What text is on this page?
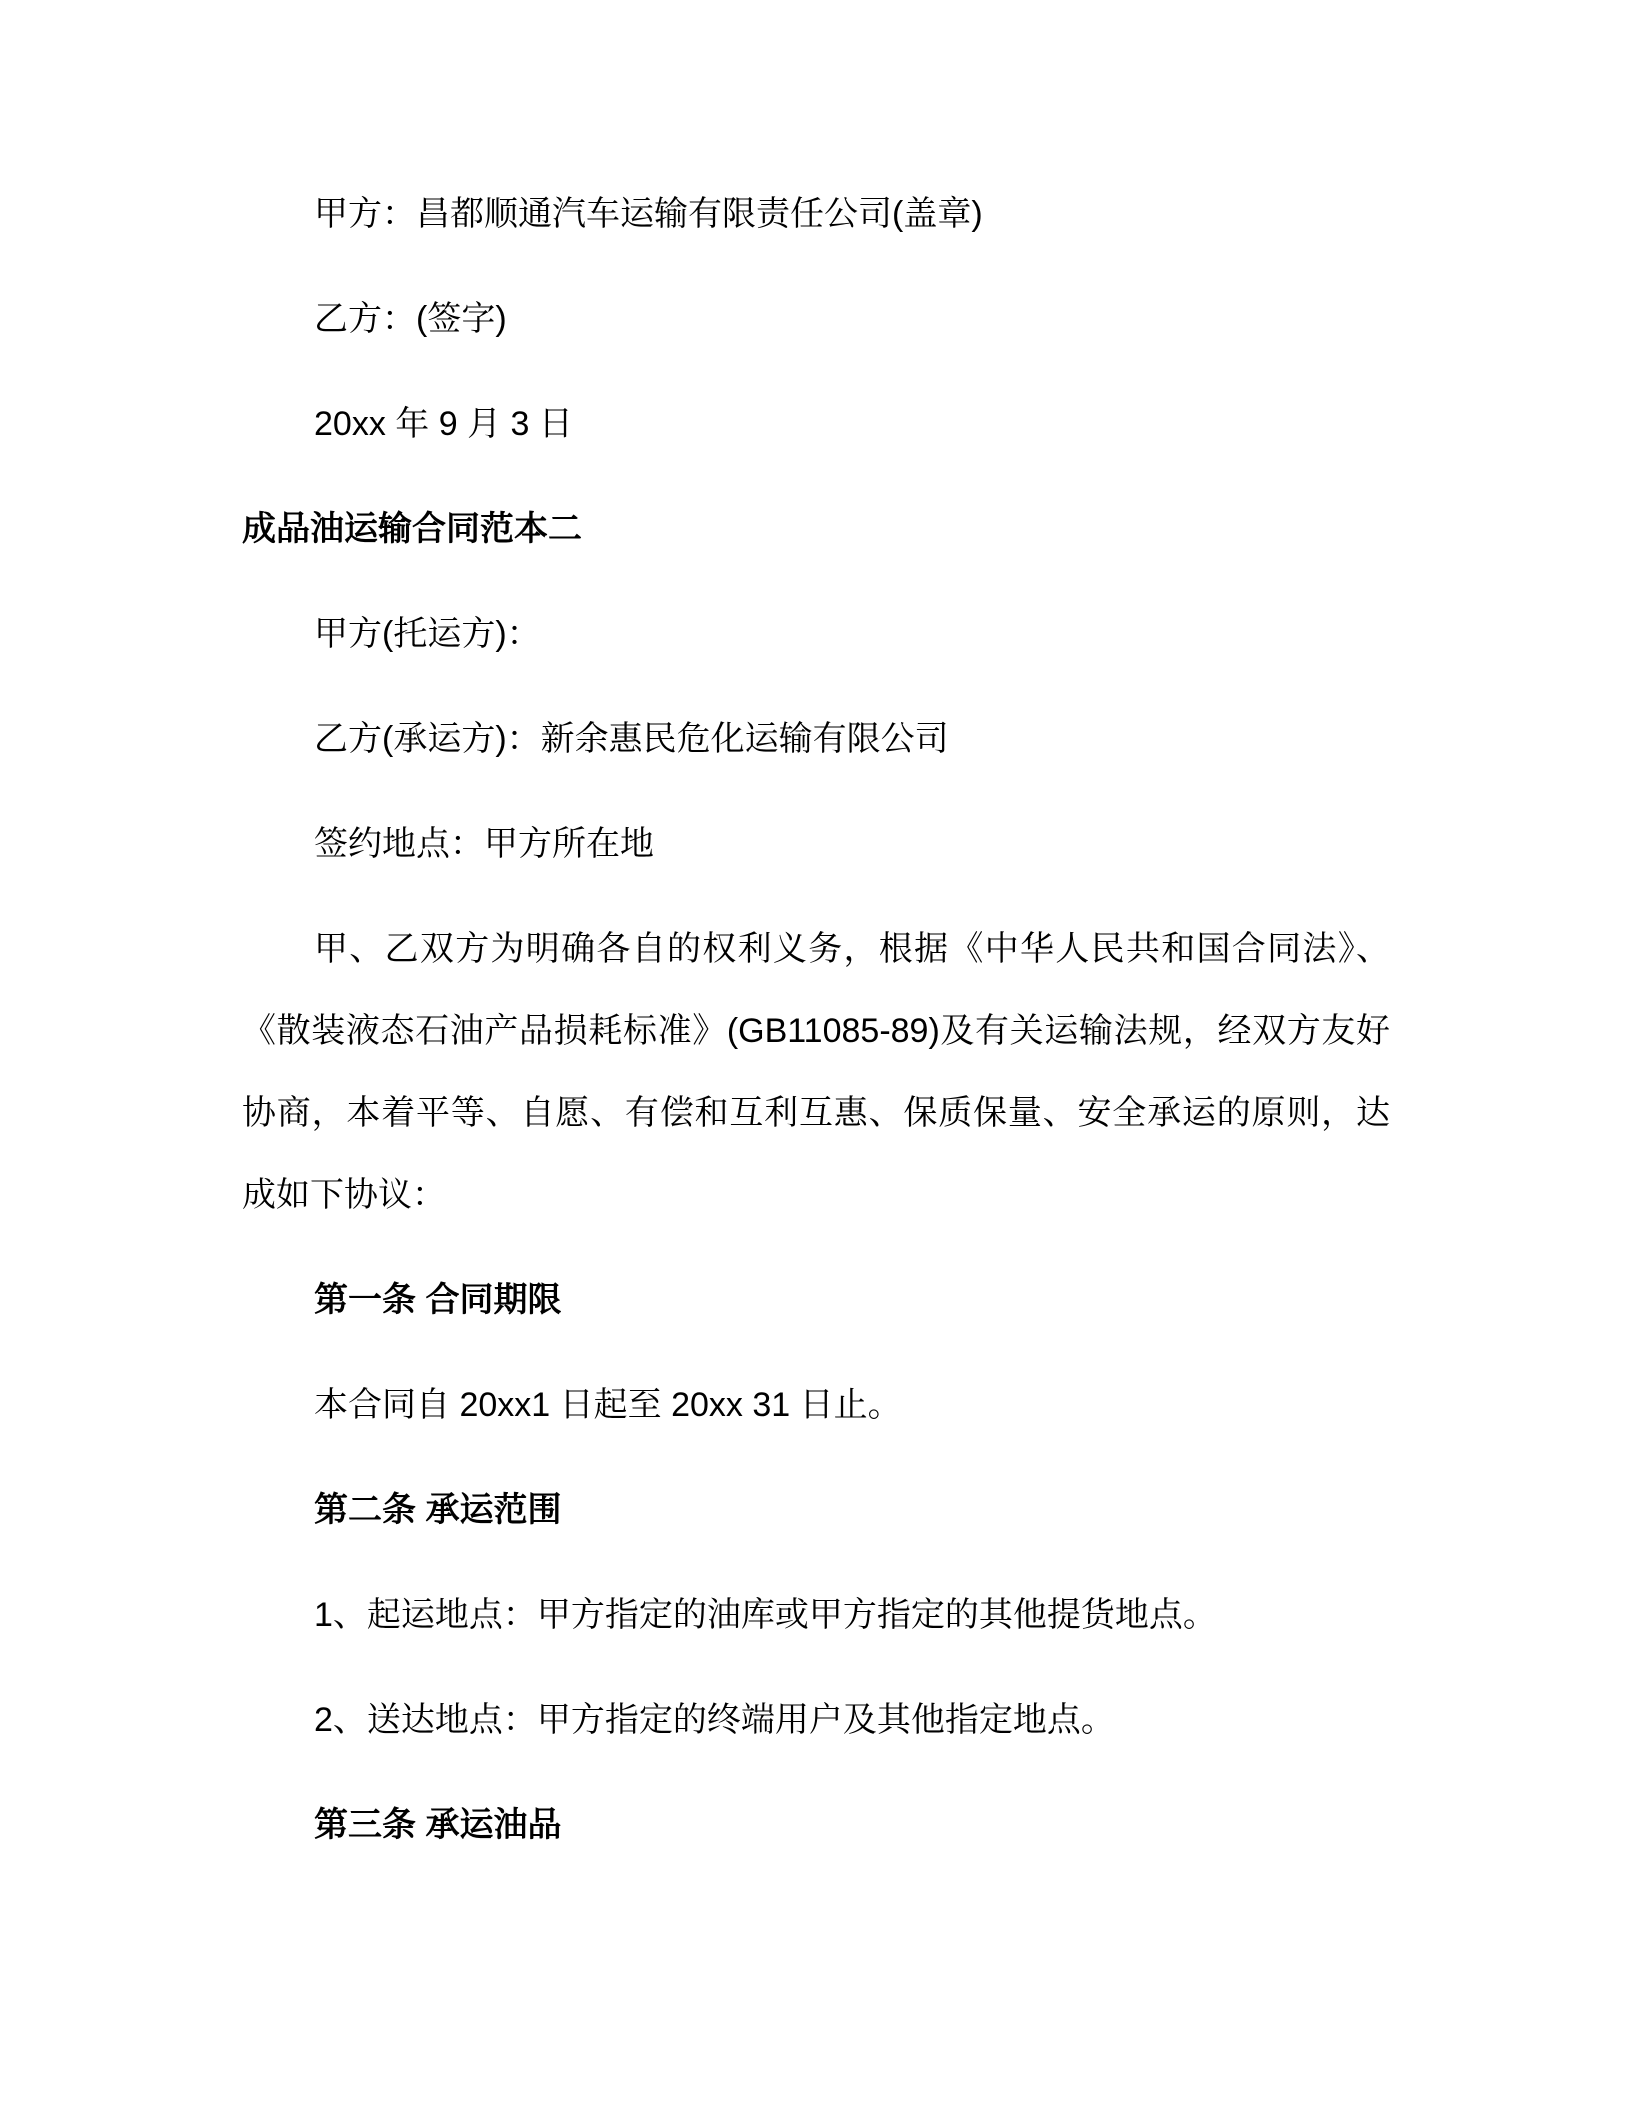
甲方：昌都顺通汽车运输有限责任公司(盖章)

乙方：(签字)

20xx 年 9 月 3 日

成品油运输合同范本二

甲方(托运方)：

乙方(承运方)：新余惠民危化运输有限公司

签约地点：甲方所在地

甲、乙双方为明确各自的权利义务，根据《中华人民共和国合同法》、《散装液态石油产品损耗标准》(GB11085-89)及有关运输法规，经双方友好协商，本着平等、自愿、有偿和互利互惠、保质保量、安全承运的原则，达成如下协议：

第一条 合同期限

本合同自 20xx1 日起至 20xx 31 日止。

第二条 承运范围

1、起运地点：甲方指定的油库或甲方指定的其他提货地点。

2、送达地点：甲方指定的终端用户及其他指定地点。

第三条 承运油品
